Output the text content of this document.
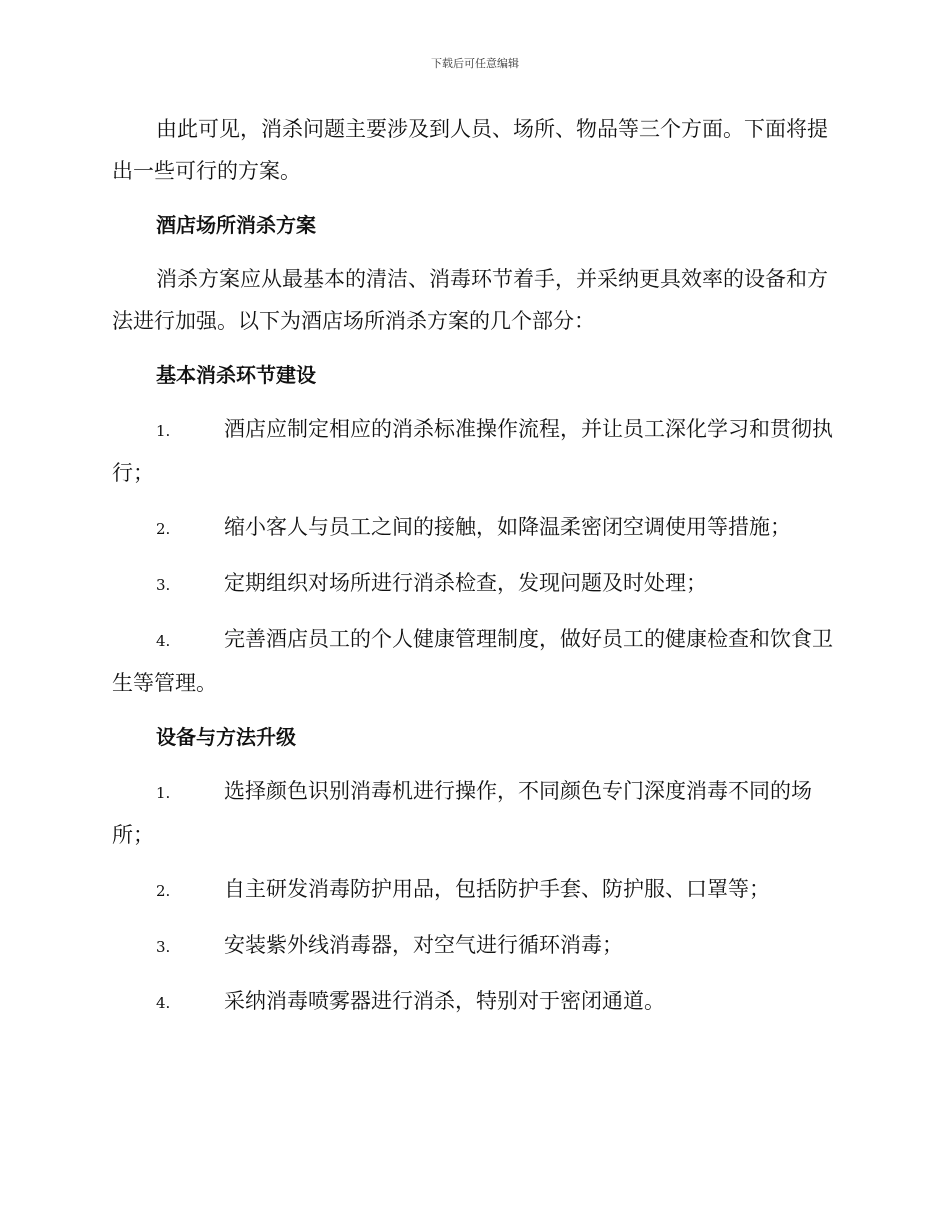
下载后可任意编辑

由此可见，消杀问题主要涉及到人员、场所、物品等三个方面。下面将提出一些可行的方案。

酒店场所消杀方案

消杀方案应从最基本的清洁、消毒环节着手，并采纳更具效率的设备和方法进行加强。以下为酒店场所消杀方案的几个部分：

基本消杀环节建设

1.	酒店应制定相应的消杀标准操作流程，并让员工深化学习和贯彻执行；

2.	缩小客人与员工之间的接触，如降温柔密闭空调使用等措施；

3.	定期组织对场所进行消杀检查，发现问题及时处理；

4.	完善酒店员工的个人健康管理制度，做好员工的健康检查和饮食卫生等管理。

设备与方法升级

1.	选择颜色识别消毒机进行操作，不同颜色专门深度消毒不同的场所；

2.	自主研发消毒防护用品，包括防护手套、防护服、口罩等；

3.	安装紫外线消毒器，对空气进行循环消毒；

4.	采纳消毒喷雾器进行消杀，特别对于密闭通道。
